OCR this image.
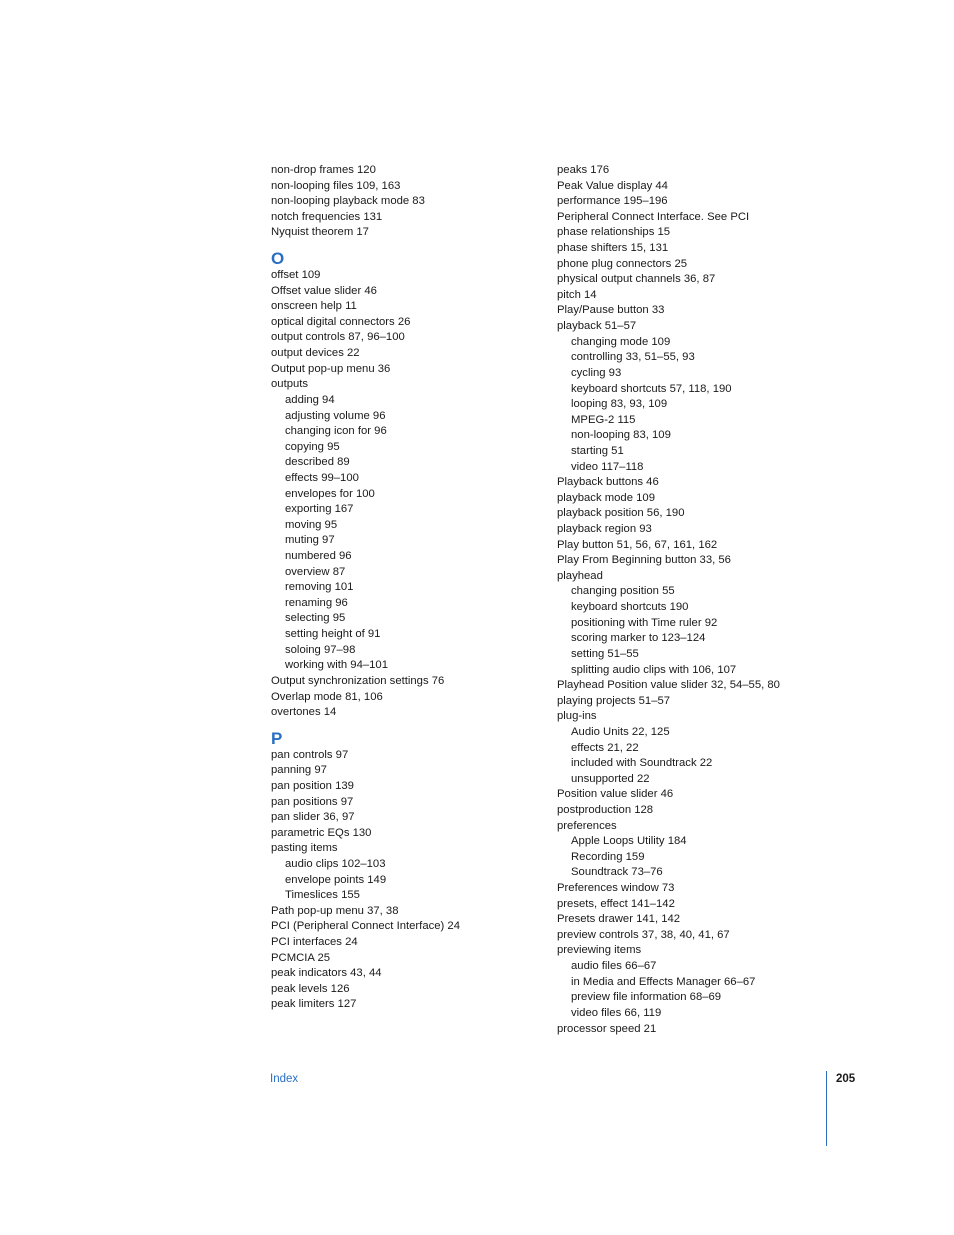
non-drop frames 120
non-looping files 109, 163
non-looping playback mode 83
notch frequencies 131
Nyquist theorem 17
O
offset 109
Offset value slider 46
onscreen help 11
optical digital connectors 26
output controls 87, 96–100
output devices 22
Output pop-up menu 36
outputs
adding 94
adjusting volume 96
changing icon for 96
copying 95
described 89
effects 99–100
envelopes for 100
exporting 167
moving 95
muting 97
numbered 96
overview 87
removing 101
renaming 96
selecting 95
setting height of 91
soloing 97–98
working with 94–101
Output synchronization settings 76
Overlap mode 81, 106
overtones 14
P
pan controls 97
panning 97
pan position 139
pan positions 97
pan slider 36, 97
parametric EQs 130
pasting items
audio clips 102–103
envelope points 149
Timeslices 155
Path pop-up menu 37, 38
PCI (Peripheral Connect Interface) 24
PCI interfaces 24
PCMCIA 25
peak indicators 43, 44
peak levels 126
peak limiters 127
peaks 176
Peak Value display 44
performance 195–196
Peripheral Connect Interface. See PCI
phase relationships 15
phase shifters 15, 131
phone plug connectors 25
physical output channels 36, 87
pitch 14
Play/Pause button 33
playback 51–57
changing mode 109
controlling 33, 51–55, 93
cycling 93
keyboard shortcuts 57, 118, 190
looping 83, 93, 109
MPEG-2 115
non-looping 83, 109
starting 51
video 117–118
Playback buttons 46
playback mode 109
playback position 56, 190
playback region 93
Play button 51, 56, 67, 161, 162
Play From Beginning button 33, 56
playhead
changing position 55
keyboard shortcuts 190
positioning with Time ruler 92
scoring marker to 123–124
setting 51–55
splitting audio clips with 106, 107
Playhead Position value slider 32, 54–55, 80
playing projects 51–57
plug-ins
Audio Units 22, 125
effects 21, 22
included with Soundtrack 22
unsupported 22
Position value slider 46
postproduction 128
preferences
Apple Loops Utility 184
Recording 159
Soundtrack 73–76
Preferences window 73
presets, effect 141–142
Presets drawer 141, 142
preview controls 37, 38, 40, 41, 67
previewing items
audio files 66–67
in Media and Effects Manager 66–67
preview file information 68–69
video files 66, 119
processor speed 21
Index	205
